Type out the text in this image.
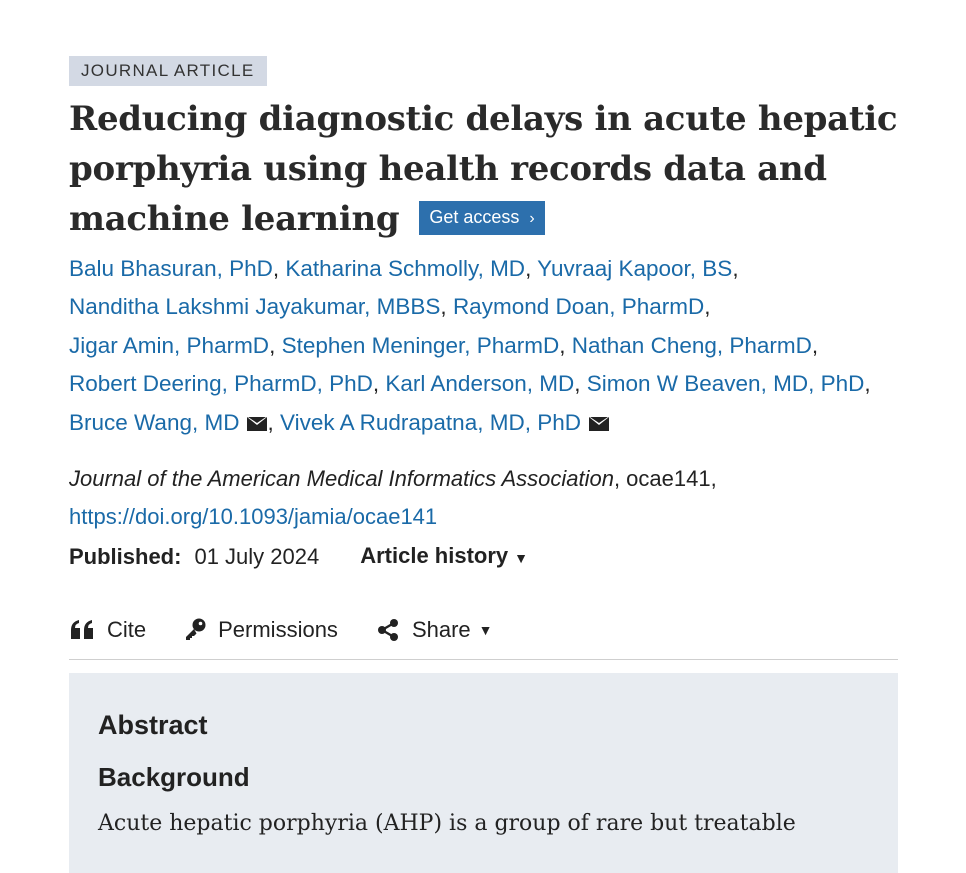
JOURNAL ARTICLE
Reducing diagnostic delays in acute hepatic porphyria using health records data and machine learning Get access ›
Balu Bhasuran, PhD, Katharina Schmolly, MD, Yuvraaj Kapoor, BS,
Nanditha Lakshmi Jayakumar, MBBS, Raymond Doan, PharmD,
Jigar Amin, PharmD, Stephen Meninger, PharmD, Nathan Cheng, PharmD,
Robert Deering, PharmD, PhD, Karl Anderson, MD, Simon W Beaven, MD, PhD,
Bruce Wang, MD , Vivek A Rudrapatna, MD, PhD
Journal of the American Medical Informatics Association, ocae141,
https://doi.org/10.1093/jamia/ocae141
Published: 01 July 2024 Article history ▼
Cite	Permissions	Share ▼
Abstract
Background

Acute hepatic porphyria (AHP) is a group of rare but treatable
